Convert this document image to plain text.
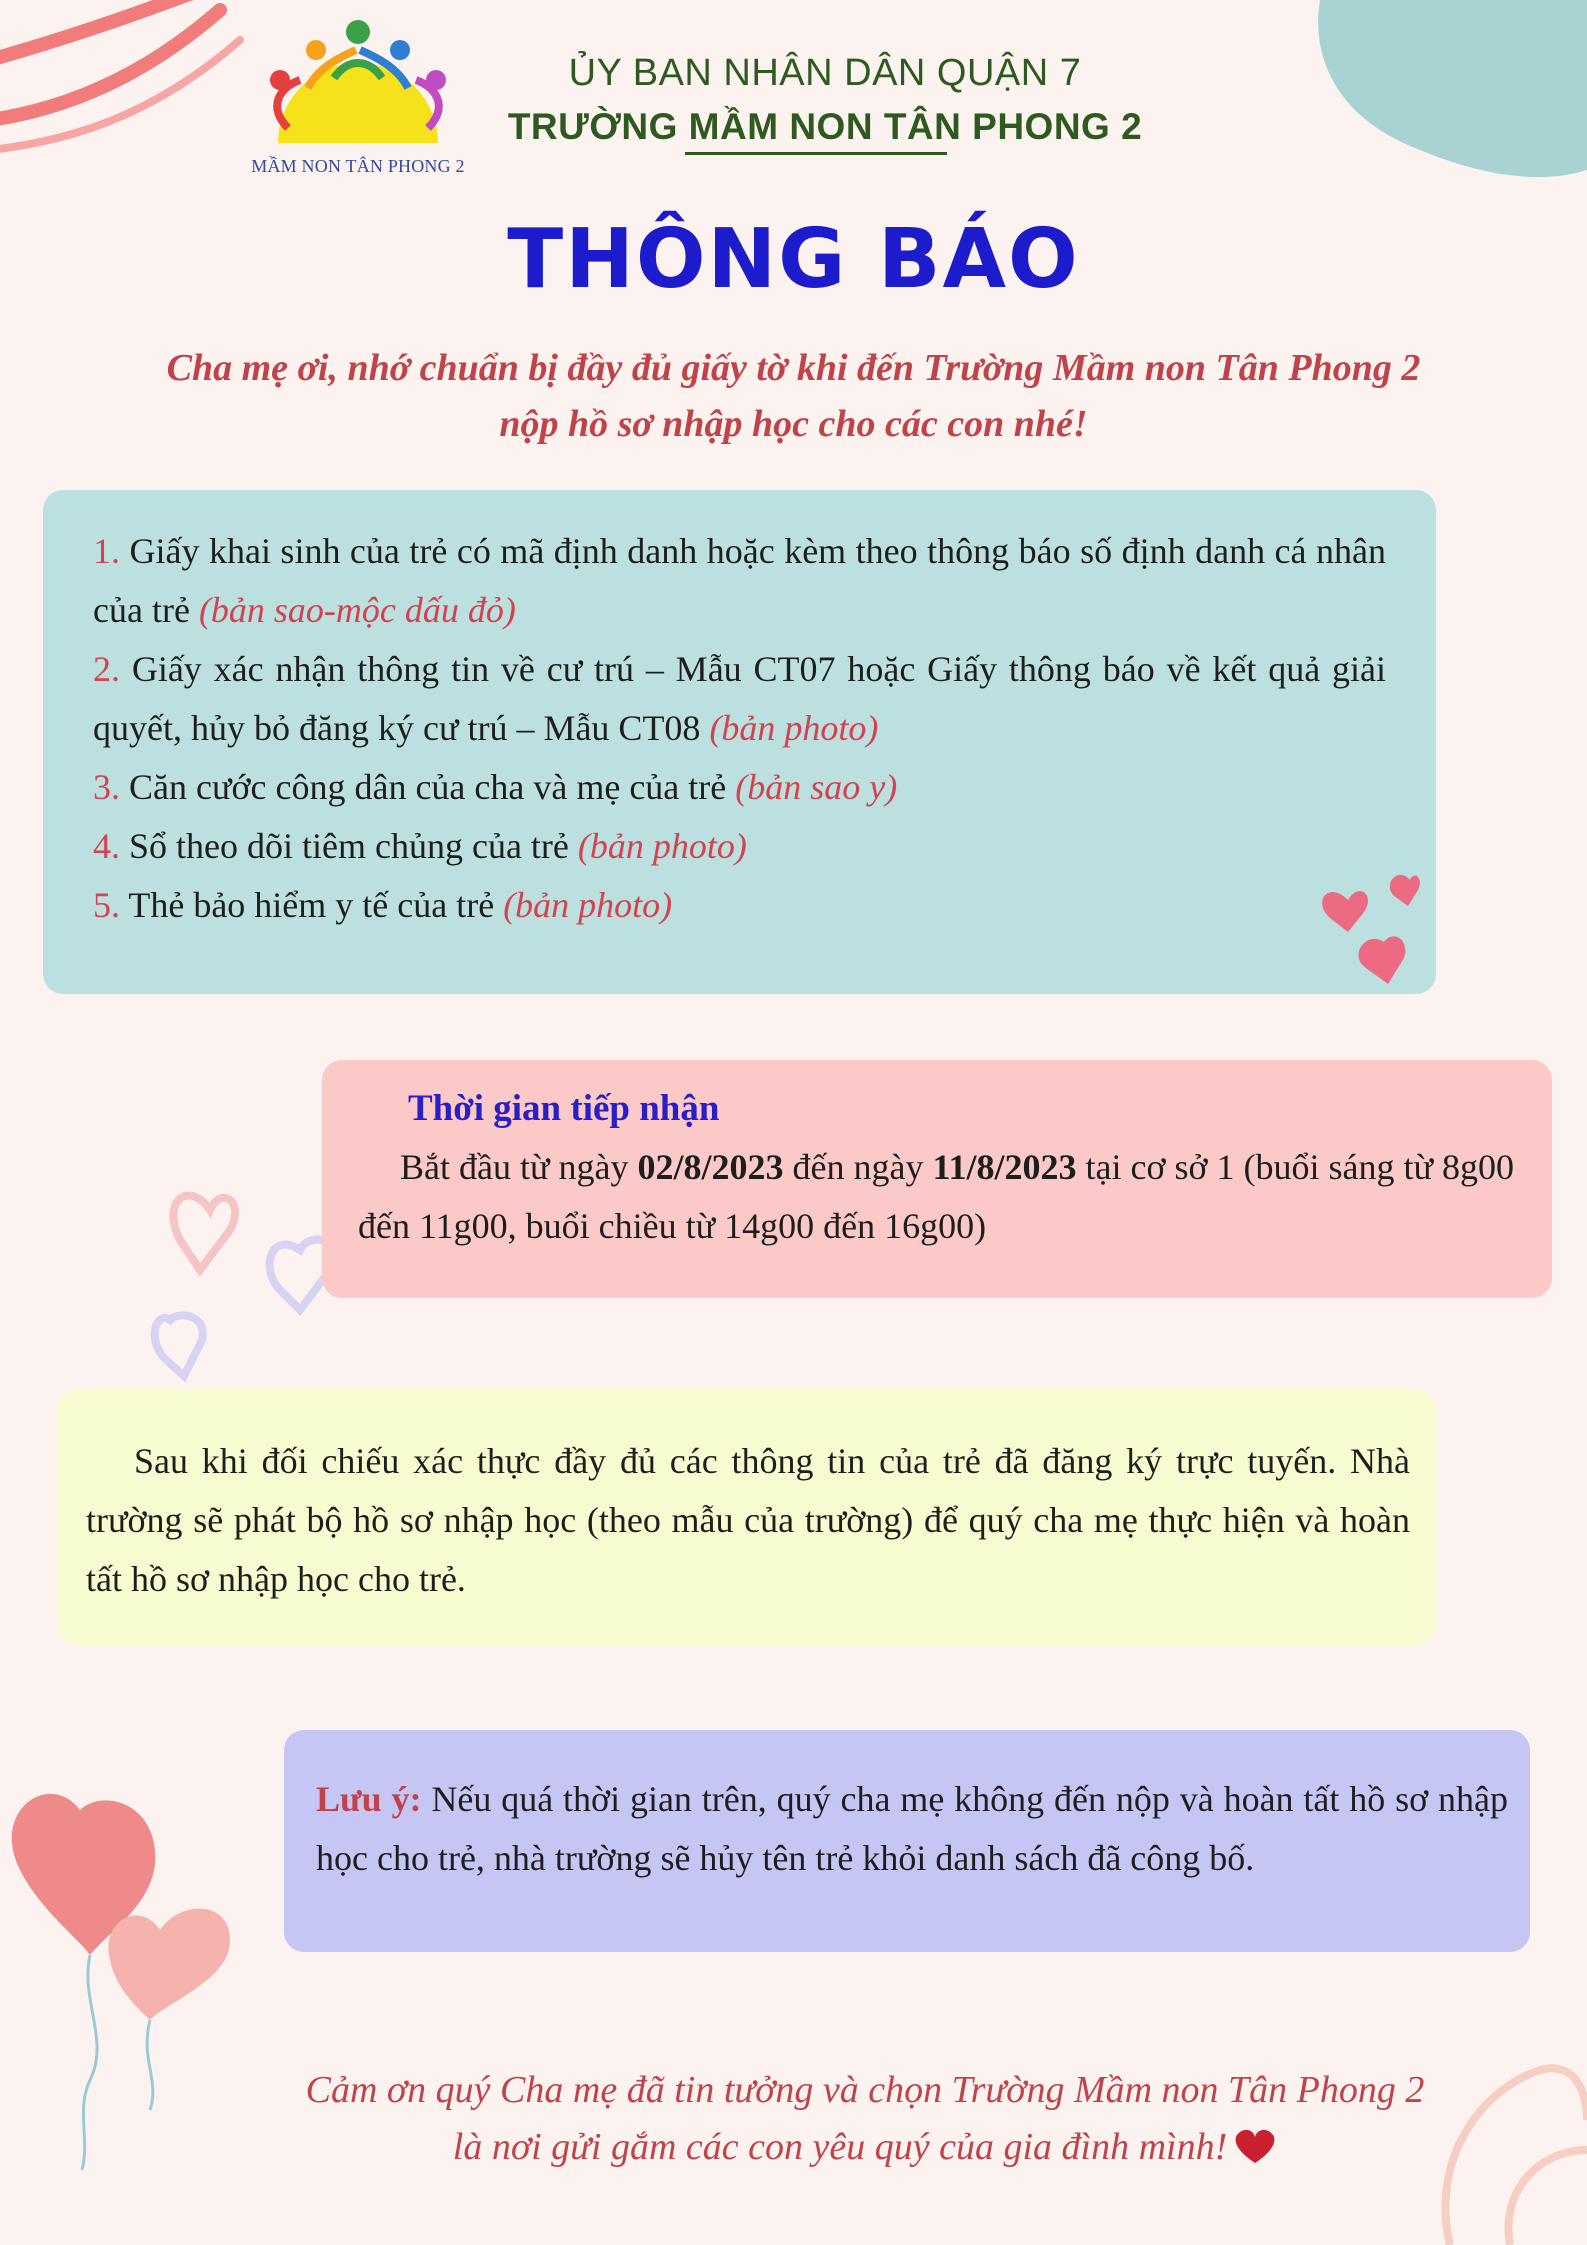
MẦM NON TÂN PHONG 2
ỦY BAN NHÂN DÂN QUẬN 7
TRƯỜNG MẦM NON TÂN PHONG 2
THÔNG BÁO
Cha mẹ ơi, nhớ chuẩn bị đầy đủ giấy tờ khi đến Trường Mầm non Tân Phong 2
nộp hồ sơ nhập học cho các con nhé!
1. Giấy khai sinh của trẻ có mã định danh hoặc kèm theo thông báo số định danh cá nhân của trẻ (bản sao-mộc dấu đỏ)
2. Giấy xác nhận thông tin về cư trú – Mẫu CT07 hoặc Giấy thông báo về kết quả giải quyết, hủy bỏ đăng ký cư trú – Mẫu CT08 (bản photo)
3. Căn cước công dân của cha và mẹ của trẻ (bản sao y)
4. Sổ theo dõi tiêm chủng của trẻ (bản photo)
5. Thẻ bảo hiểm y tế của trẻ (bản photo)
Thời gian tiếp nhận
Bắt đầu từ ngày 02/8/2023 đến ngày 11/8/2023 tại cơ sở 1 (buổi sáng từ 8g00 đến 11g00, buổi chiều từ 14g00 đến 16g00)
Sau khi đối chiếu xác thực đầy đủ các thông tin của trẻ đã đăng ký trực tuyến. Nhà trường sẽ phát bộ hồ sơ nhập học (theo mẫu của trường) để quý cha mẹ thực hiện và hoàn tất hồ sơ nhập học cho trẻ.
Lưu ý: Nếu quá thời gian trên, quý cha mẹ không đến nộp và hoàn tất hồ sơ nhập học cho trẻ, nhà trường sẽ hủy tên trẻ khỏi danh sách đã công bố.
Cảm ơn quý Cha mẹ đã tin tưởng và chọn Trường Mầm non Tân Phong 2
là nơi gửi gắm các con yêu quý của gia đình mình!
